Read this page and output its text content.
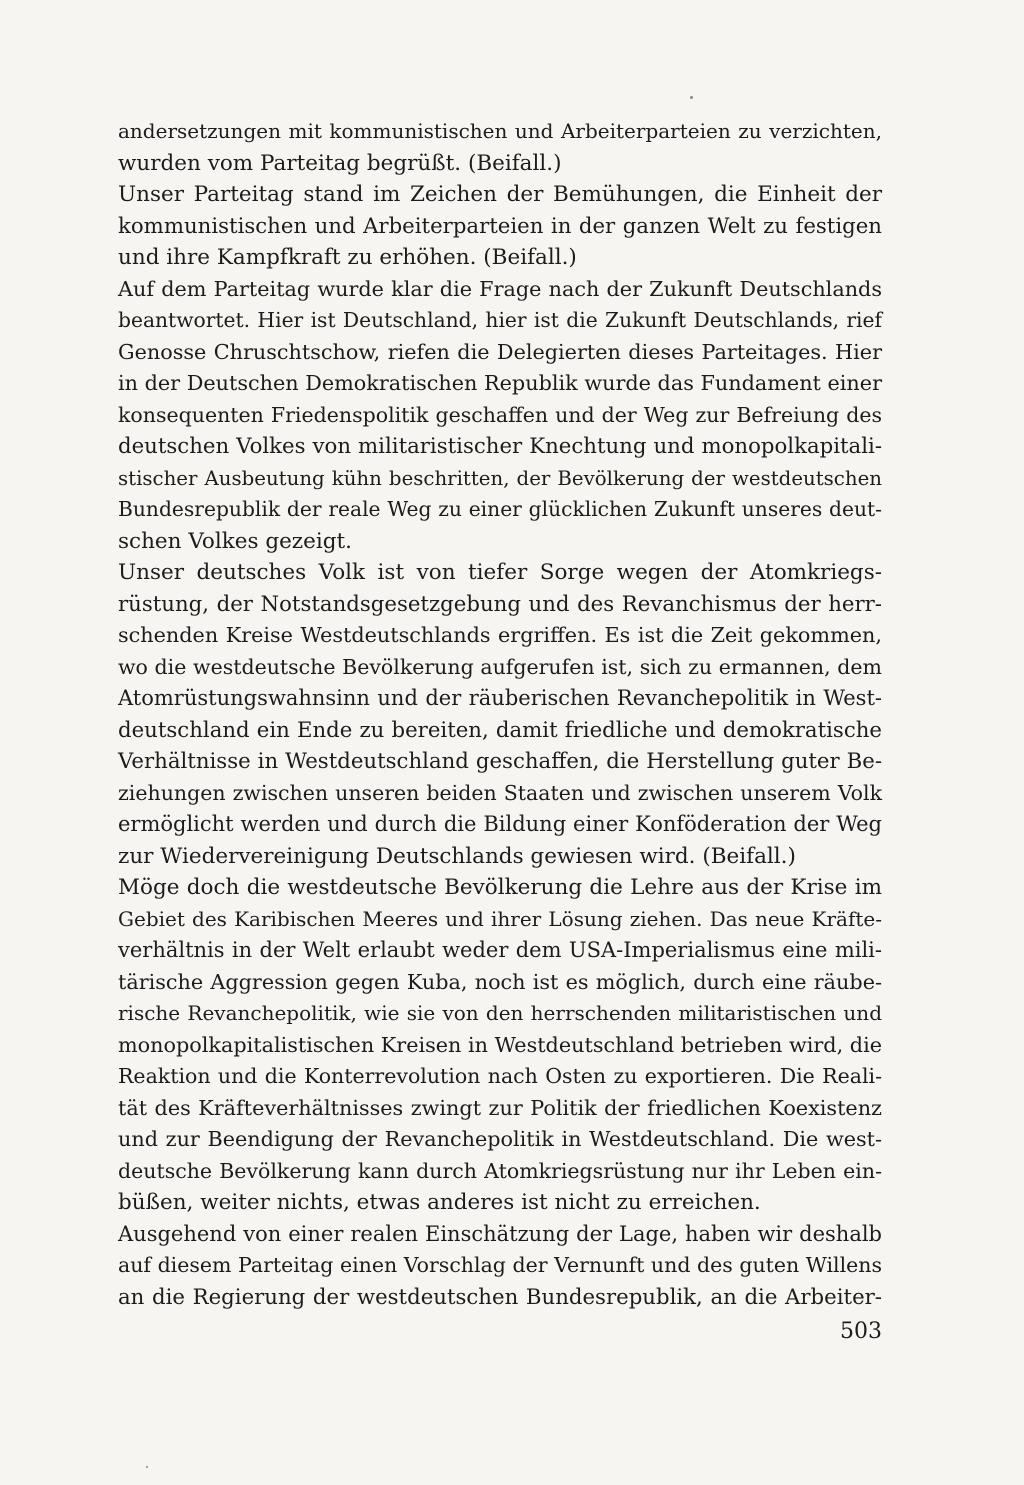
andersetzungen mit kommunistischen und Arbeiterparteien zu verzichten,
wurden vom Parteitag begrüßt. (Beifall.)
Unser Parteitag stand im Zeichen der Bemühungen, die Einheit der
kommunistischen und Arbeiterparteien in der ganzen Welt zu festigen
und ihre Kampfkraft zu erhöhen. (Beifall.)
Auf dem Parteitag wurde klar die Frage nach der Zukunft Deutschlands
beantwortet. Hier ist Deutschland, hier ist die Zukunft Deutschlands, rief
Genosse Chruschtschow, riefen die Delegierten dieses Parteitages. Hier
in der Deutschen Demokratischen Republik wurde das Fundament einer
konsequenten Friedenspolitik geschaffen und der Weg zur Befreiung des
deutschen Volkes von militaristischer Knechtung und monopolkapitali-
stischer Ausbeutung kühn beschritten, der Bevölkerung der westdeutschen
Bundesrepublik der reale Weg zu einer glücklichen Zukunft unseres deut-
schen Volkes gezeigt.
Unser deutsches Volk ist von tiefer Sorge wegen der Atomkriegs-
rüstung, der Notstandsgesetzgebung und des Revanchismus der herr-
schenden Kreise Westdeutschlands ergriffen. Es ist die Zeit gekommen,
wo die westdeutsche Bevölkerung aufgerufen ist, sich zu ermannen, dem
Atomrüstungswahnsinn und der räuberischen Revanchepolitik in West-
deutschland ein Ende zu bereiten, damit friedliche und demokratische
Verhältnisse in Westdeutschland geschaffen, die Herstellung guter Be-
ziehungen zwischen unseren beiden Staaten und zwischen unserem Volk
ermöglicht werden und durch die Bildung einer Konföderation der Weg
zur Wiedervereinigung Deutschlands gewiesen wird. (Beifall.)
Möge doch die westdeutsche Bevölkerung die Lehre aus der Krise im
Gebiet des Karibischen Meeres und ihrer Lösung ziehen. Das neue Kräfte-
verhältnis in der Welt erlaubt weder dem USA-Imperialismus eine mili-
tärische Aggression gegen Kuba, noch ist es möglich, durch eine räube-
rische Revanchepolitik, wie sie von den herrschenden militaristischen und
monopolkapitalistischen Kreisen in Westdeutschland betrieben wird, die
Reaktion und die Konterrevolution nach Osten zu exportieren. Die Reali-
tät des Kräfteverhältnisses zwingt zur Politik der friedlichen Koexistenz
und zur Beendigung der Revanchepolitik in Westdeutschland. Die west-
deutsche Bevölkerung kann durch Atomkriegsrüstung nur ihr Leben ein-
büßen, weiter nichts, etwas anderes ist nicht zu erreichen.
Ausgehend von einer realen Einschätzung der Lage, haben wir deshalb
auf diesem Parteitag einen Vorschlag der Vernunft und des guten Willens
an die Regierung der westdeutschen Bundesrepublik, an die Arbeiter-
503
